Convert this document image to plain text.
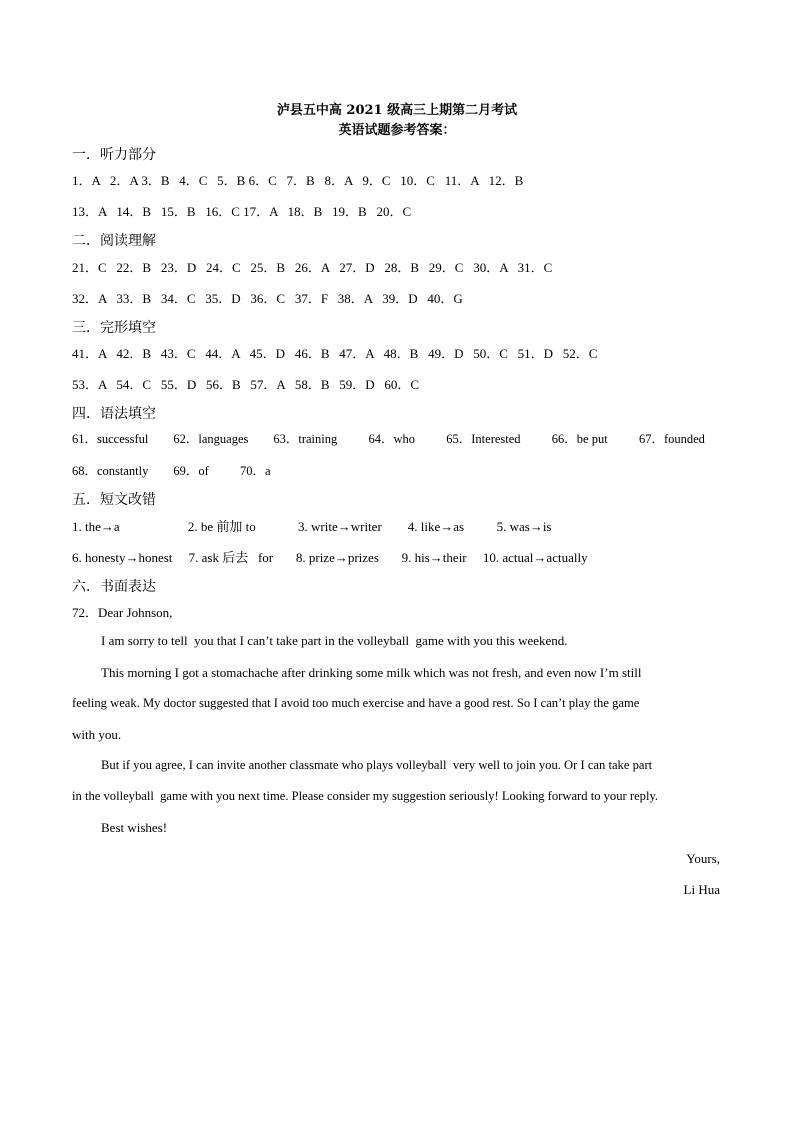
泸县五中高 2021 级高三上期第二月考试
英语试题参考答案：
一．听力部分
1．A   2．A 3．B   4．C   5．B 6．C   7．B   8．A   9．C   10．C   11．A   12．B
13．A   14．B   15．B   16．C 17．A   18．B   19．B   20．C
二．阅读理解
21．C   22．B   23．D   24．C   25．B   26．A   27．D   28．B   29．C   30．A   31．C
32．A   33．B   34．C   35．D   36．C   37．F   38．A   39．D   40．G
三．完形填空
41．A   42．B   43．C   44．A   45．D   46．B   47．A   48．B   49．D   50．C   51．D   52．C
53．A   54．C   55．D   56．B   57．A   58．B   59．D   60．C
四．语法填空
61．successful        62．languages        63．training          64．who          65．Interested          66．be put          67．founded
68．constantly        69．of          70．a
五．短文改错
1. the→a                     2. be 前加 to             3. write→writer        4. like→as          5. was→is
6. honesty→honest     7. ask 后去   for       8. prize→prizes       9. his→their     10. actual→actually
六．书面表达
72．Dear Johnson,
I am sorry to tell  you that I can’t take part in the volleyball  game with you this weekend.
This morning I got a stomachache after drinking some milk which was not fresh, and even now I’m still
feeling weak. My doctor suggested that I avoid too much exercise and have a good rest. So I can’t play the game
with you.
But if you agree, I can invite another classmate who plays volleyball  very well to join you. Or I can take part
in the volleyball  game with you next time. Please consider my suggestion seriously! Looking forward to your reply.
Best wishes!
Yours,
Li Hua
